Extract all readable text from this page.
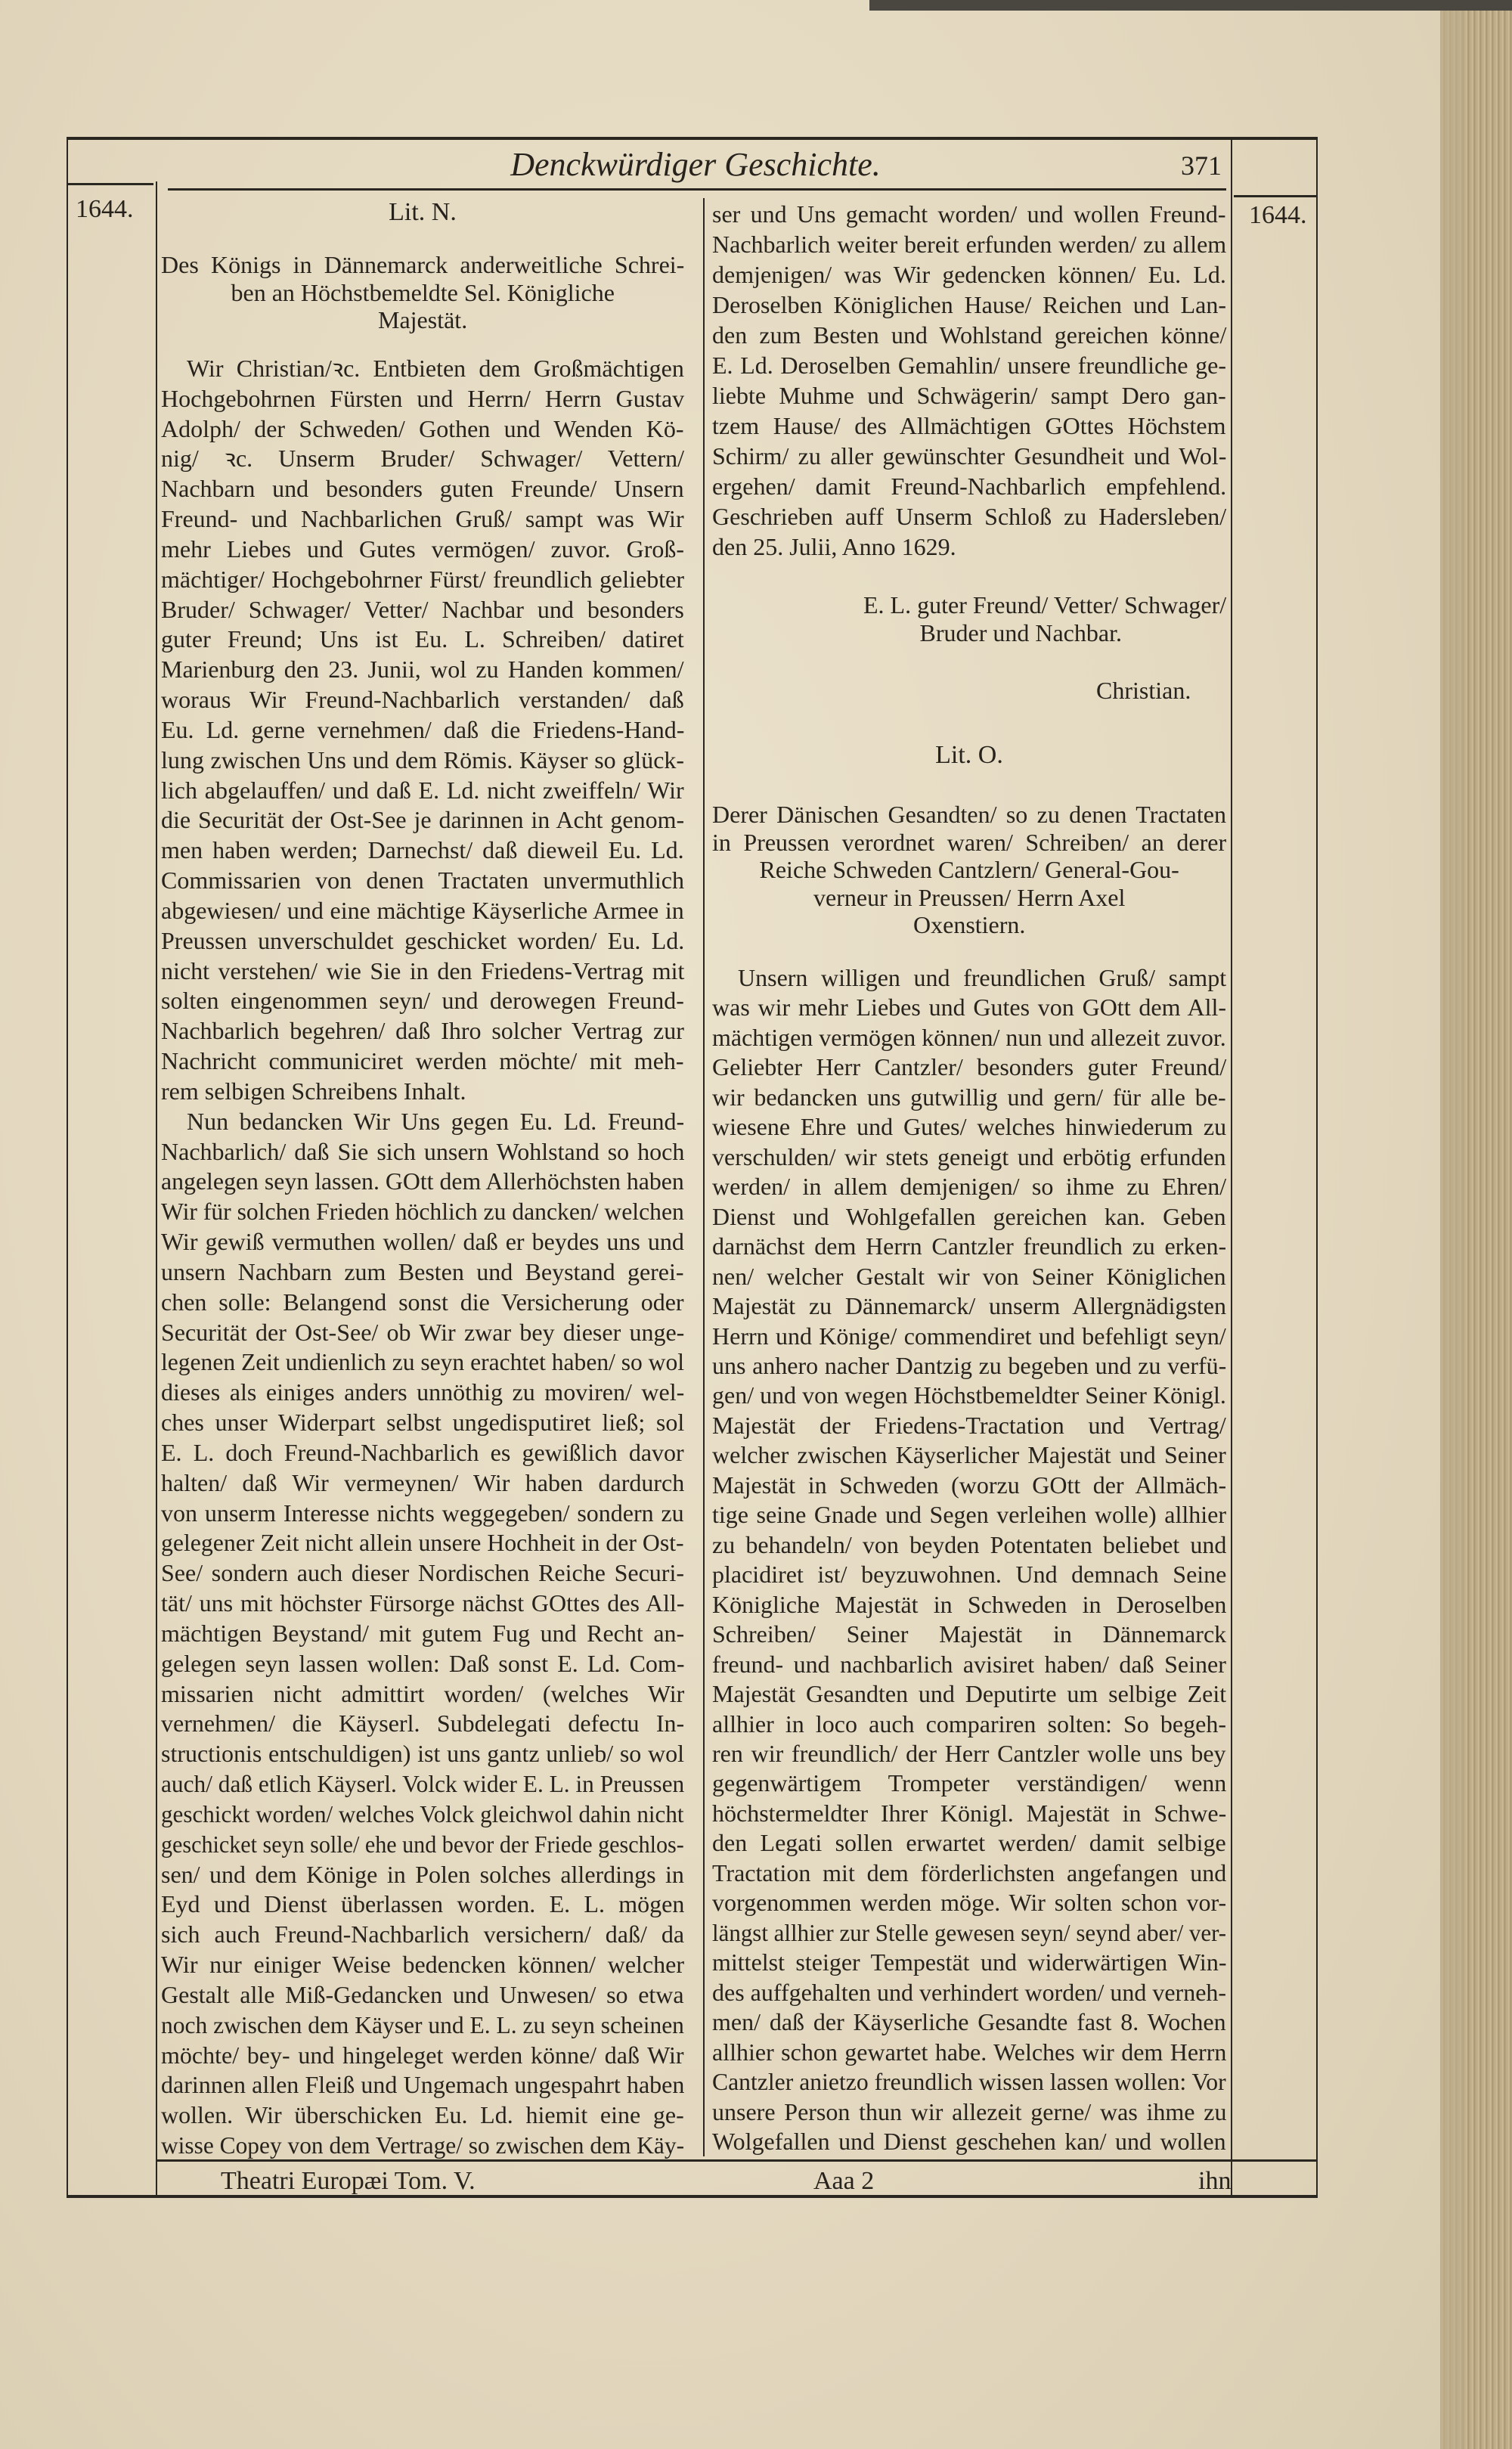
Denckwürdiger Geschichte.	371
1644.	1644.
Lit. N.
Lit. O.
Christian.
Theatri Europæi Tom. V.	Aaa 2	ihn
Des Königs in Dännemarck anderweitliche Schrei-
ben an Höchstbemeldte Sel. Königliche
Majestät.
Wir Christian/ꝛc. Entbieten dem Großmächtigen
Hochgebohrnen Fürsten und Herrn/ Herrn Gustav
Adolph/ der Schweden/ Gothen und Wenden Kö-
nig/ ꝛc. Unserm Bruder/ Schwager/ Vettern/
Nachbarn und besonders guten Freunde/ Unsern
Freund- und Nachbarlichen Gruß/ sampt was Wir
mehr Liebes und Gutes vermögen/ zuvor. Groß-
mächtiger/ Hochgebohrner Fürst/ freundlich geliebter
Bruder/ Schwager/ Vetter/ Nachbar und besonders
guter Freund; Uns ist Eu. L. Schreiben/ datiret
Marienburg den 23. Junii, wol zu Handen kommen/
woraus Wir Freund-Nachbarlich verstanden/ daß
Eu. Ld. gerne vernehmen/ daß die Friedens-Hand-
lung zwischen Uns und dem Römis. Käyser so glück-
lich abgelauffen/ und daß E. Ld. nicht zweiffeln/ Wir
die Securität der Ost-See je darinnen in Acht genom-
men haben werden; Darnechst/ daß dieweil Eu. Ld.
Commissarien von denen Tractaten unvermuthlich
abgewiesen/ und eine mächtige Käyserliche Armee in
Preussen unverschuldet geschicket worden/ Eu. Ld.
nicht verstehen/ wie Sie in den Friedens-Vertrag mit
solten eingenommen seyn/ und derowegen Freund-
Nachbarlich begehren/ daß Ihro solcher Vertrag zur
Nachricht communiciret werden möchte/ mit meh-
rem selbigen Schreibens Inhalt.
Nun bedancken Wir Uns gegen Eu. Ld. Freund-
Nachbarlich/ daß Sie sich unsern Wohlstand so hoch
angelegen seyn lassen. GOtt dem Allerhöchsten haben
Wir für solchen Frieden höchlich zu dancken/ welchen
Wir gewiß vermuthen wollen/ daß er beydes uns und
unsern Nachbarn zum Besten und Beystand gerei-
chen solle: Belangend sonst die Versicherung oder
Securität der Ost-See/ ob Wir zwar bey dieser unge-
legenen Zeit undienlich zu seyn erachtet haben/ so wol
dieses als einiges anders unnöthig zu moviren/ wel-
ches unser Widerpart selbst ungedisputiret ließ; sol
E. L. doch Freund-Nachbarlich es gewißlich davor
halten/ daß Wir vermeynen/ Wir haben dardurch
von unserm Interesse nichts weggegeben/ sondern zu
gelegener Zeit nicht allein unsere Hochheit in der Ost-
See/ sondern auch dieser Nordischen Reiche Securi-
tät/ uns mit höchster Fürsorge nächst GOttes des All-
mächtigen Beystand/ mit gutem Fug und Recht an-
gelegen seyn lassen wollen: Daß sonst E. Ld. Com-
missarien nicht admittirt worden/ (welches Wir
vernehmen/ die Käyserl. Subdelegati defectu In-
structionis entschuldigen) ist uns gantz unlieb/ so wol
auch/ daß etlich Käyserl. Volck wider E. L. in Preussen
geschickt worden/ welches Volck gleichwol dahin nicht
geschicket seyn solle/ ehe und bevor der Friede geschlos-
sen/ und dem Könige in Polen solches allerdings in
Eyd und Dienst überlassen worden. E. L. mögen
sich auch Freund-Nachbarlich versichern/ daß/ da
Wir nur einiger Weise bedencken können/ welcher
Gestalt alle Miß-Gedancken und Unwesen/ so etwa
noch zwischen dem Käyser und E. L. zu seyn scheinen
möchte/ bey- und hingeleget werden könne/ daß Wir
darinnen allen Fleiß und Ungemach ungespahrt haben
wollen. Wir überschicken Eu. Ld. hiemit eine ge-
wisse Copey von dem Vertrage/ so zwischen dem Käy-
ser und Uns gemacht worden/ und wollen Freund-
Nachbarlich weiter bereit erfunden werden/ zu allem
demjenigen/ was Wir gedencken können/ Eu. Ld.
Deroselben Königlichen Hause/ Reichen und Lan-
den zum Besten und Wohlstand gereichen könne/
E. Ld. Deroselben Gemahlin/ unsere freundliche ge-
liebte Muhme und Schwägerin/ sampt Dero gan-
tzem Hause/ des Allmächtigen GOttes Höchstem
Schirm/ zu aller gewünschter Gesundheit und Wol-
ergehen/ damit Freund-Nachbarlich empfehlend.
Geschrieben auff Unserm Schloß zu Hadersleben/
den 25. Julii, Anno 1629.
E. L. guter Freund/ Vetter/ Schwager/
Bruder und Nachbar.
Derer Dänischen Gesandten/ so zu denen Tractaten
in Preussen verordnet waren/ Schreiben/ an derer
Reiche Schweden Cantzlern/ General-Gou-
verneur in Preussen/ Herrn Axel
Oxenstiern.
Unsern willigen und freundlichen Gruß/ sampt
was wir mehr Liebes und Gutes von GOtt dem All-
mächtigen vermögen können/ nun und allezeit zuvor.
Geliebter Herr Cantzler/ besonders guter Freund/
wir bedancken uns gutwillig und gern/ für alle be-
wiesene Ehre und Gutes/ welches hinwiederum zu
verschulden/ wir stets geneigt und erbötig erfunden
werden/ in allem demjenigen/ so ihme zu Ehren/
Dienst und Wohlgefallen gereichen kan. Geben
darnächst dem Herrn Cantzler freundlich zu erken-
nen/ welcher Gestalt wir von Seiner Königlichen
Majestät zu Dännemarck/ unserm Allergnädigsten
Herrn und Könige/ commendiret und befehligt seyn/
uns anhero nacher Dantzig zu begeben und zu verfü-
gen/ und von wegen Höchstbemeldter Seiner Königl.
Majestät der Friedens-Tractation und Vertrag/
welcher zwischen Käyserlicher Majestät und Seiner
Majestät in Schweden (worzu GOtt der Allmäch-
tige seine Gnade und Segen verleihen wolle) allhier
zu behandeln/ von beyden Potentaten beliebet und
placidiret ist/ beyzuwohnen. Und demnach Seine
Königliche Majestät in Schweden in Deroselben
Schreiben/ Seiner Majestät in Dännemarck
freund- und nachbarlich avisiret haben/ daß Seiner
Majestät Gesandten und Deputirte um selbige Zeit
allhier in loco auch compariren solten: So begeh-
ren wir freundlich/ der Herr Cantzler wolle uns bey
gegenwärtigem Trompeter verständigen/ wenn
höchstermeldter Ihrer Königl. Majestät in Schwe-
den Legati sollen erwartet werden/ damit selbige
Tractation mit dem förderlichsten angefangen und
vorgenommen werden möge. Wir solten schon vor-
längst allhier zur Stelle gewesen seyn/ seynd aber/ ver-
mittelst steiger Tempestät und widerwärtigen Win-
des auffgehalten und verhindert worden/ und verneh-
men/ daß der Käyserliche Gesandte fast 8. Wochen
allhier schon gewartet habe. Welches wir dem Herrn
Cantzler anietzo freundlich wissen lassen wollen: Vor
unsere Person thun wir allezeit gerne/ was ihme zu
Wolgefallen und Dienst geschehen kan/ und wollen
